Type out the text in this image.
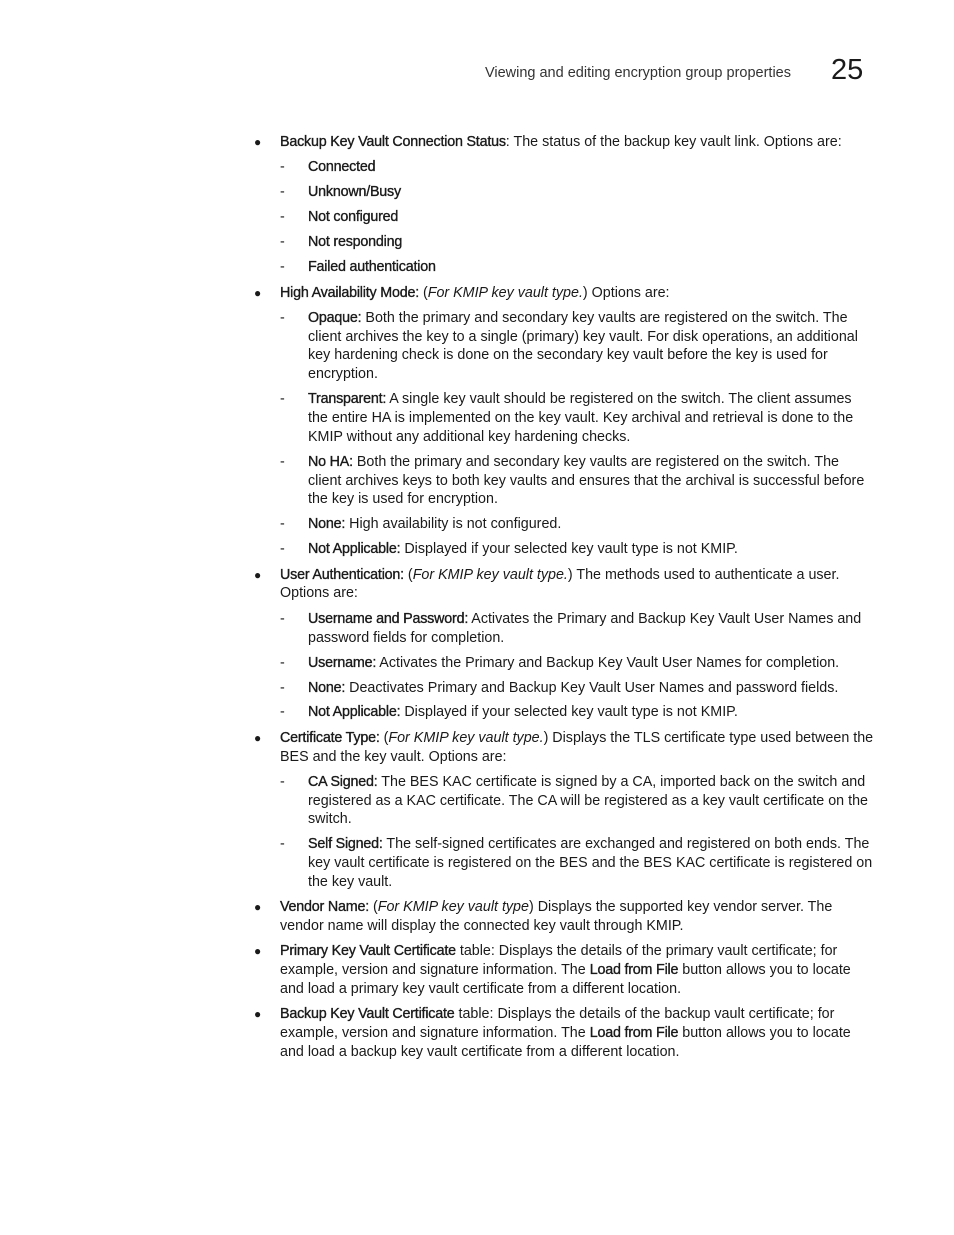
Viewing and editing encryption group properties 25
●	Backup Key Vault Connection Status: The status of the backup key vault link. Options are:
- Connected
- Unknown/Busy
- Not configured
- Not responding
- Failed authentication
●	High Availability Mode: (For KMIP key vault type.) Options are:
- Opaque: Both the primary and secondary key vaults are registered on the switch. The client archives the key to a single (primary) key vault. For disk operations, an additional key hardening check is done on the secondary key vault before the key is used for encryption.
- Transparent: A single key vault should be registered on the switch. The client assumes the entire HA is implemented on the key vault. Key archival and retrieval is done to the KMIP without any additional key hardening checks.
- No HA: Both the primary and secondary key vaults are registered on the switch. The client archives keys to both key vaults and ensures that the archival is successful before the key is used for encryption.
- None: High availability is not configured.
- Not Applicable: Displayed if your selected key vault type is not KMIP.
●	User Authentication: (For KMIP key vault type.) The methods used to authenticate a user. Options are:
- Username and Password: Activates the Primary and Backup Key Vault User Names and password fields for completion.
- Username: Activates the Primary and Backup Key Vault User Names for completion.
- None: Deactivates Primary and Backup Key Vault User Names and password fields.
- Not Applicable: Displayed if your selected key vault type is not KMIP.
●	Certificate Type: (For KMIP key vault type.) Displays the TLS certificate type used between the BES and the key vault. Options are:
- CA Signed: The BES KAC certificate is signed by a CA, imported back on the switch and registered as a KAC certificate. The CA will be registered as a key vault certificate on the switch.
- Self Signed: The self-signed certificates are exchanged and registered on both ends. The key vault certificate is registered on the BES and the BES KAC certificate is registered on the key vault.
●	Vendor Name: (For KMIP key vault type) Displays the supported key vendor server. The vendor name will display the connected key vault through KMIP.
●	Primary Key Vault Certificate table: Displays the details of the primary vault certificate; for example, version and signature information. The Load from File button allows you to locate and load a primary key vault certificate from a different location.
●	Backup Key Vault Certificate table: Displays the details of the backup vault certificate; for example, version and signature information. The Load from File button allows you to locate and load a backup key vault certificate from a different location.
